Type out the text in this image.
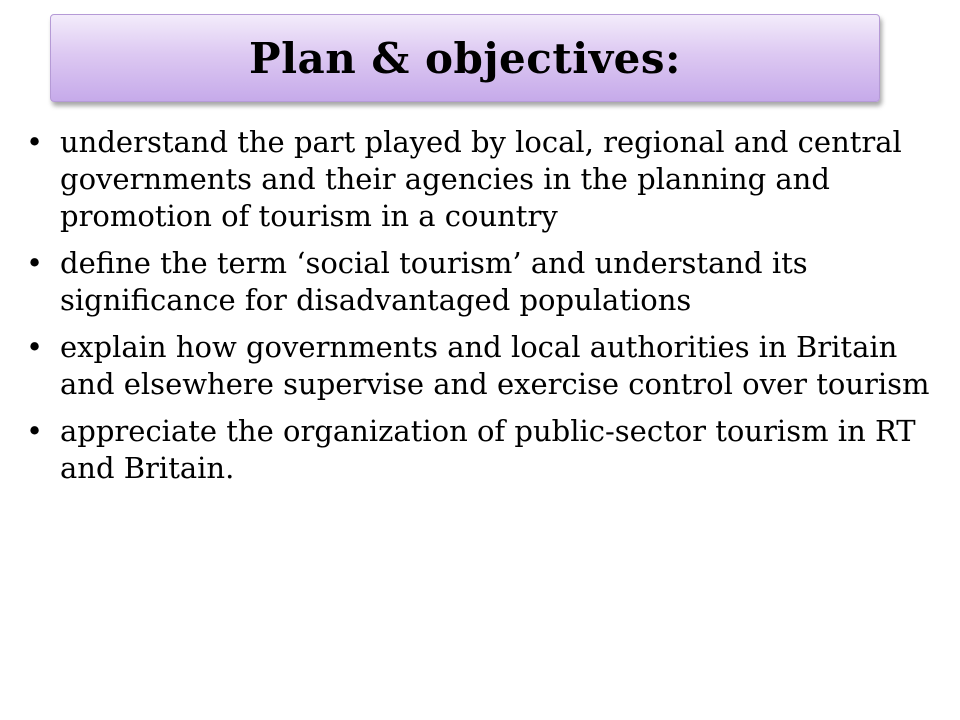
Plan & objectives:
• understand the part played by local, regional and central governments and their agencies in the planning and promotion of tourism in a country
• define the term ‘social tourism’ and understand its significance for disadvantaged populations
• explain how governments and local authorities in Britain and elsewhere supervise and exercise control over tourism
• appreciate the organization of public-sector tourism in RT and Britain.
